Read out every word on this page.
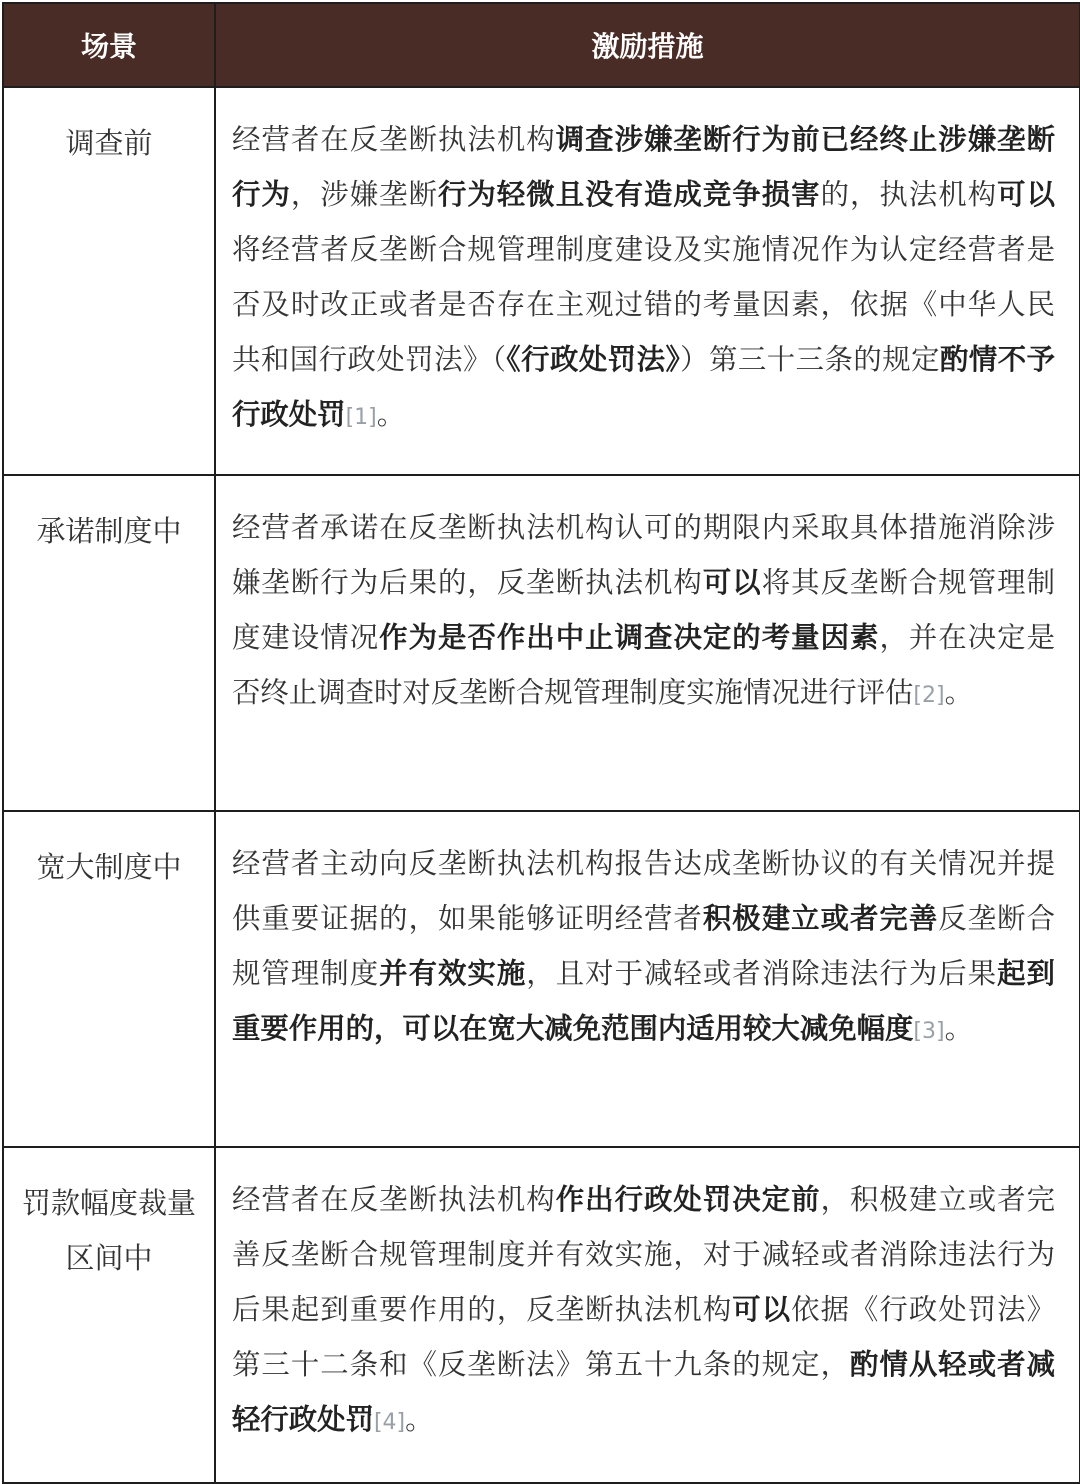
场景	激励措施
调查前	经营者在反垄断执法机构调查涉嫌垄断行为前已经终止涉嫌垄断行为，涉嫌垄断行为轻微且没有造成竞争损害的，执法机构可以将经营者反垄断合规管理制度建设及实施情况作为认定经营者是否及时改正或者是否存在主观过错的考量因素，依据《中华人民共和国行政处罚法》（《行政处罚法》）第三十三条的规定酌情不予行政处罚[1]。
承诺制度中	经营者承诺在反垄断执法机构认可的期限内采取具体措施消除涉嫌垄断行为后果的，反垄断执法机构可以将其反垄断合规管理制度建设情况作为是否作出中止调查决定的考量因素，并在决定是否终止调查时对反垄断合规管理制度实施情况进行评估[2]。
宽大制度中	经营者主动向反垄断执法机构报告达成垄断协议的有关情况并提供重要证据的，如果能够证明经营者积极建立或者完善反垄断合规管理制度并有效实施，且对于减轻或者消除违法行为后果起到重要作用的，可以在宽大减免范围内适用较大减免幅度[3]。
罚款幅度裁量区间中	经营者在反垄断执法机构作出行政处罚决定前，积极建立或者完善反垄断合规管理制度并有效实施，对于减轻或者消除违法行为后果起到重要作用的，反垄断执法机构可以依据《行政处罚法》第三十二条和《反垄断法》第五十九条的规定，酌情从轻或者减轻行政处罚[4]。
